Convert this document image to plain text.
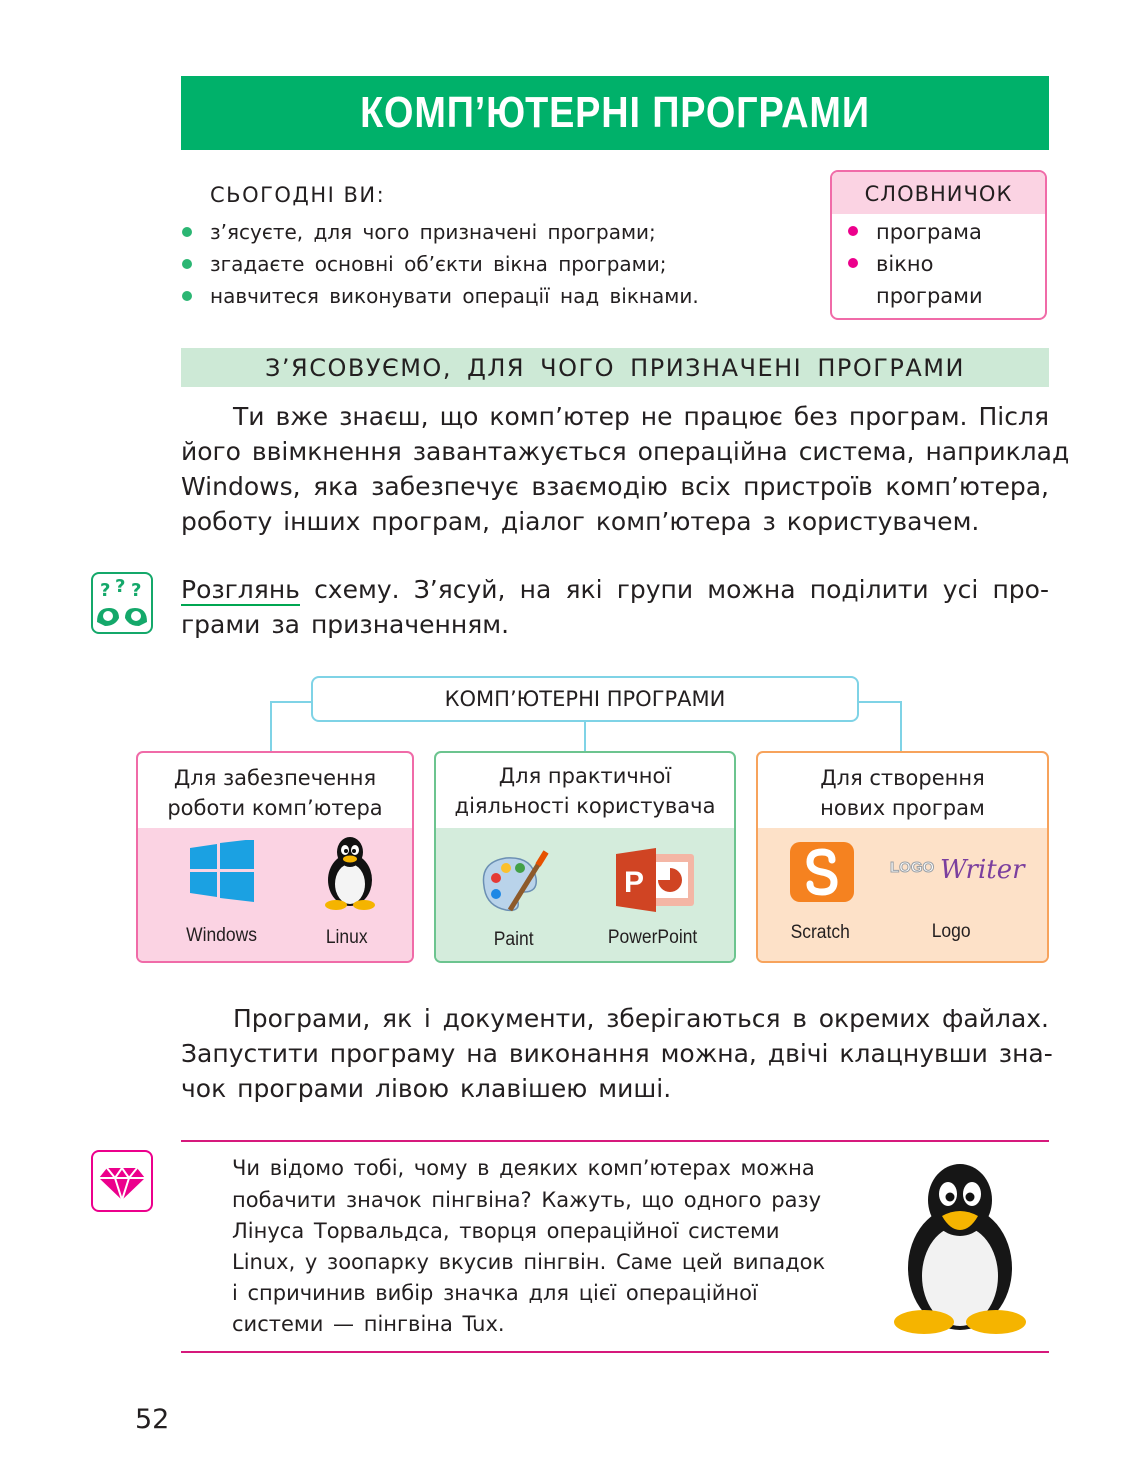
КОМП’ЮТЕРНІ ПРОГРАМИ
СЬОГОДНІ ВИ:
з’ясуєте, для чого призначені програми;
згадаєте основні об’єкти вікна програми;
навчитеся виконувати операції над вікнами.
СЛОВНИЧОК
програма
вікно
програми
З’ЯСОВУЄМО, ДЛЯ ЧОГО ПРИЗНАЧЕНІ ПРОГРАМИ
Ти вже знаєш, що комп’ютер не працює без програм. Після
його ввімкнення завантажується операційна система, наприклад
Windows, яка забезпечує взаємодію всіх пристроїв комп’ютера,
роботу інших програм, діалог комп’ютера з користувачем.
? ? ? Розглянь схему. З’ясуй, на які групи можна поділити усі про-
грами за призначенням.
КОМП’ЮТЕРНІ ПРОГРАМИ
Для забезпечення
роботи комп’ютера
Windows	Linux
Для практичної
діяльності користувача
P
Paint	PowerPoint
Для створення
нових програм
LOGO Writer
Scratch	Logo
Програми, як і документи, зберігаються в окремих файлах.
Запустити програму на виконання можна, двічі клацнувши зна-
чок програми лівою клавішею миші.
Чи відомо тобі, чому в деяких комп’ютерах можна
побачити значок пінгвіна? Кажуть, що одного разу
Лінуса Торвальдса, творця операційної системи
Linux, у зоопарку вкусив пінгвін. Саме цей випадок
і спричинив вибір значка для цієї операційної
системи — пінгвіна Tux.
52
